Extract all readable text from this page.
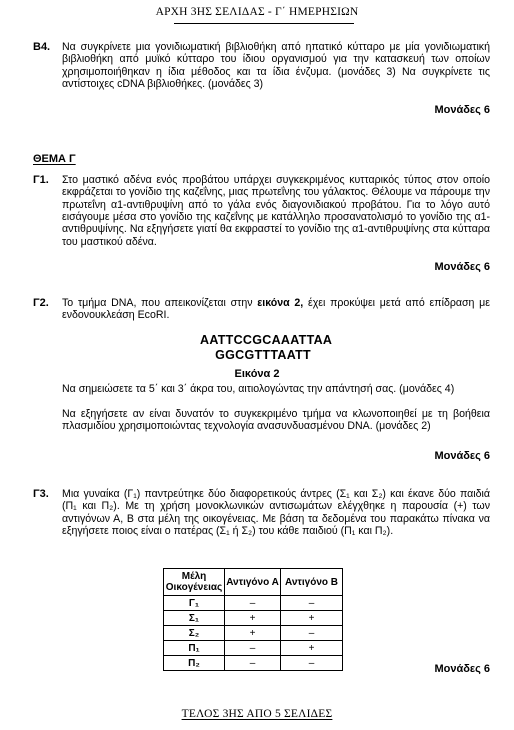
ΑΡΧΗ 3ΗΣ ΣΕΛΙΔΑΣ - Γ΄ ΗΜΕΡΗΣΙΩΝ
Β4. Να συγκρίνετε μια γονιδιωματική βιβλιοθήκη από ηπατικό κύτταρο με μία γονιδιωματική βιβλιοθήκη από μυϊκό κύτταρο του ίδιου οργανισμού για την κατασκευή των οποίων χρησιμοποιήθηκαν η ίδια μέθοδος και τα ίδια ένζυμα. (μονάδες 3) Να συγκρίνετε τις αντίστοιχες cDNA βιβλιοθήκες. (μονάδες 3)
Μονάδες 6
ΘΕΜΑ Γ
Γ1. Στο μαστικό αδένα ενός προβάτου υπάρχει συγκεκριμένος κυτταρικός τύπος στον οποίο εκφράζεται το γονίδιο της καζεΐνης, μιας πρωτεΐνης του γάλακτος. Θέλουμε να πάρουμε την πρωτεΐνη α1-αντιθρυψίνη από το γάλα ενός διαγονιδιακού προβάτου. Για το λόγο αυτό εισάγουμε μέσα στο γονίδιο της καζεΐνης με κατάλληλο προσανατολισμό το γονίδιο της α1-αντιθρυψίνης. Να εξηγήσετε γιατί θα εκφραστεί το γονίδιο της α1-αντιθρυψίνης στα κύτταρα του μαστικού αδένα.
Μονάδες 6
Γ2. Το τμήμα DNA, που απεικονίζεται στην εικόνα 2, έχει προκύψει μετά από επίδραση με ενδονουκλεάση EcoRI.
AATTCCGCAAATTAA
GGCGTTTAATT
Εικόνα 2
Να σημειώσετε τα 5΄ και 3΄ άκρα του, αιτιολογώντας την απάντησή σας. (μονάδες 4)
Να εξηγήσετε αν είναι δυνατόν το συγκεκριμένο τμήμα να κλωνοποιηθεί με τη βοήθεια πλασμιδίου χρησιμοποιώντας τεχνολογία ανασυνδυασμένου DNA. (μονάδες 2)
Μονάδες 6
Γ3. Μια γυναίκα (Γ₁) παντρεύτηκε δύο διαφορετικούς άντρες (Σ₁ και Σ₂) και έκανε δύο παιδιά (Π₁ και Π₂). Με τη χρήση μονοκλωνικών αντισωμάτων ελέγχθηκε η παρουσία (+) των αντιγόνων Α, Β στα μέλη της οικογένειας. Με βάση τα δεδομένα του παρακάτω πίνακα να εξηγήσετε ποιος είναι ο πατέρας (Σ₁ ή Σ₂) του κάθε παιδιού (Π₁ και Π₂).
Μέλη Οικογένειας	Αντιγόνο Α	Αντιγόνο Β
Γ₁	–	–
Σ₁	+	+
Σ₂	+	–
Π₁	–	+
Π₂	–	–	Μονάδες 6
ΤΕΛΟΣ 3ΗΣ ΑΠΟ 5 ΣΕΛΙΔΕΣ
